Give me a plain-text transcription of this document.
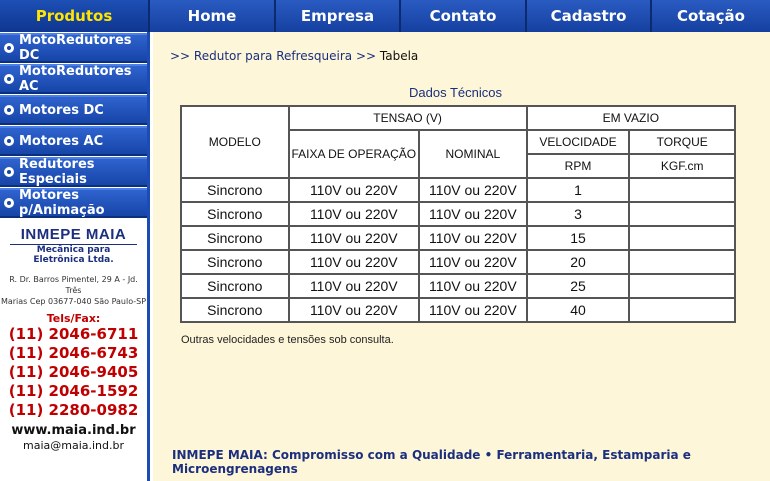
Produtos	Home	Empresa	Contato	Cadastro	Cotação
MotoRedutores DC
MotoRedutores AC
Motores DC
Motores AC
Redutores Especiais
Motores p/Animação
INMEPE MAIA
Mecânica para Eletrônica Ltda.
R. Dr. Barros Pimentel, 29 A - Jd. Três
Marias Cep 03677-040 São Paulo-SP
Tels/Fax:
(11) 2046-6711
(11) 2046-6743
(11) 2046-9405
(11) 2046-1592
(11) 2280-0982
www.maia.ind.br
maia@maia.ind.br
>> Redutor para Refresqueira >> Tabela
Dados Técnicos
MODELO	TENSAO (V)		EM VAZIO	
	FAIXA DE OPERAÇÃO	NOMINAL	VELOCIDADE	TORQUE
			RPM	KGF.cm
Sincrono	110V ou 220V	110V ou 220V	1	
Sincrono	110V ou 220V	110V ou 220V	3	
Sincrono	110V ou 220V	110V ou 220V	15	
Sincrono	110V ou 220V	110V ou 220V	20	
Sincrono	110V ou 220V	110V ou 220V	25	
Sincrono	110V ou 220V	110V ou 220V	40	
Outras velocidades e tensões sob consulta.
INMEPE MAIA: Compromisso com a Qualidade • Ferramentaria, Estamparia e Microengrenagens
